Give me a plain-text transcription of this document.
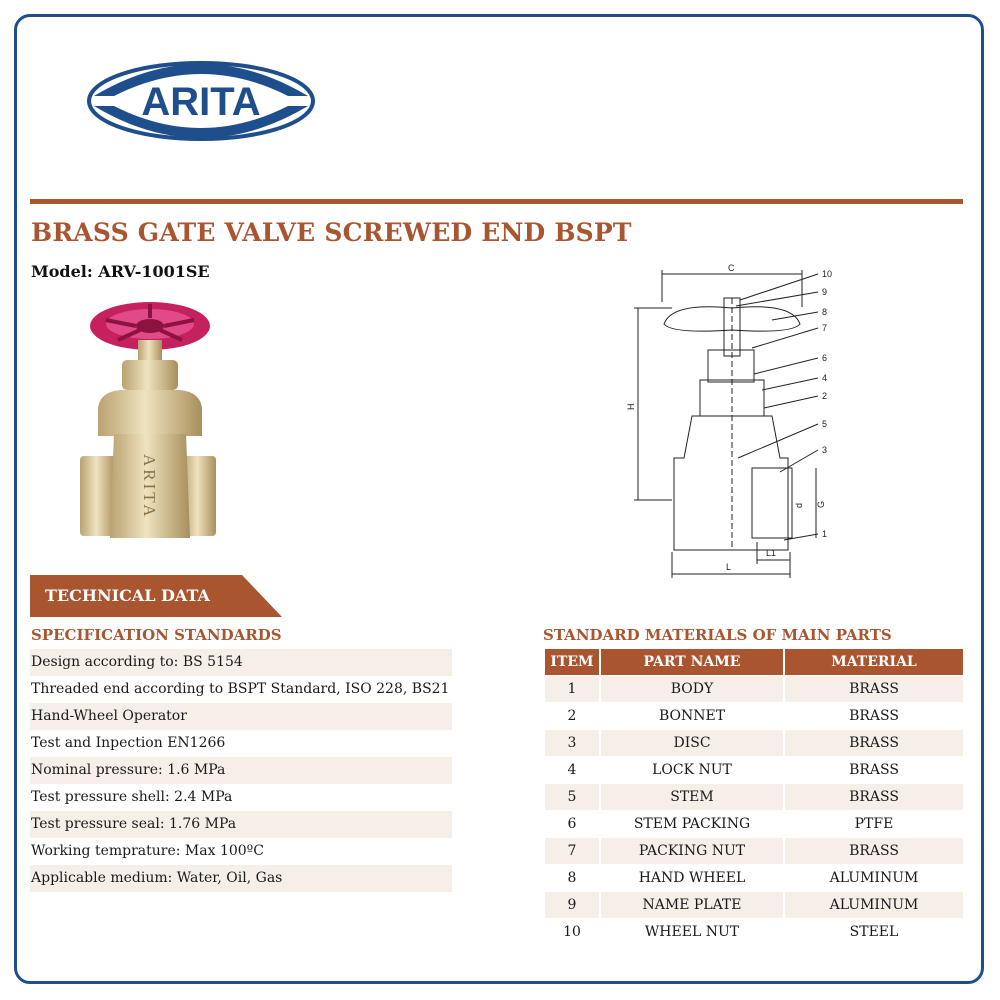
ARITA
BRASS GATE VALVE SCREWED END BSPT
Model: ARV-1001SE
ARITA
10
9
8
7
6
4
2
5
3
1
C
H
d G
L1
L
TECHNICAL DATA
SPECIFICATION STANDARDS
Design according to: BS 5154
Threaded end according to BSPT Standard, ISO 228, BS21
Hand-Wheel Operator
Test and Inpection EN1266
Nominal pressure: 1.6 MPa
Test pressure shell: 2.4 MPa
Test pressure seal: 1.76 MPa
Working temprature: Max 100ºC
Applicable medium: Water, Oil, Gas
STANDARD MATERIALS OF MAIN PARTS
ITEM	PART NAME	MATERIAL
1	BODY	BRASS
2	BONNET	BRASS
3	DISC	BRASS
4	LOCK NUT	BRASS
5	STEM	BRASS
6	STEM PACKING	PTFE
7	PACKING NUT	BRASS
8	HAND WHEEL	ALUMINUM
9	NAME PLATE	ALUMINUM
10	WHEEL NUT	STEEL
